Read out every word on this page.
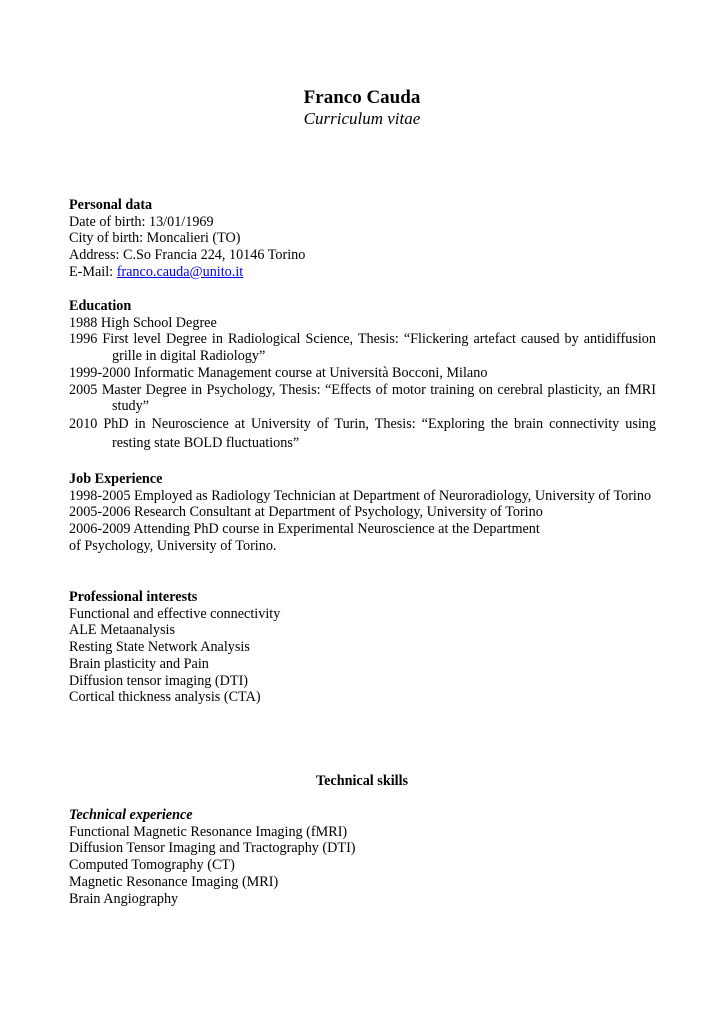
Franco Cauda
Curriculum vitae
Personal data
Date of birth: 13/01/1969
City of birth: Moncalieri (TO)
Address: C.So Francia 224, 10146 Torino
E-Mail: franco.cauda@unito.it
Education
1988 High School Degree
1996 First level Degree in Radiological Science, Thesis: “Flickering artefact caused by antidiffusion grille in digital Radiology”
1999-2000 Informatic Management course at Università Bocconi, Milano
2005 Master Degree in Psychology, Thesis: “Effects of motor training on cerebral plasticity, an fMRI study”
2010 PhD in Neuroscience at University of Turin, Thesis: “Exploring the brain connectivity using resting state BOLD fluctuations”
Job Experience
1998-2005 Employed as Radiology Technician at Department of Neuroradiology, University of Torino
2005-2006 Research Consultant at Department of Psychology, University of Torino
2006-2009 Attending PhD course in Experimental Neuroscience at the Department
of Psychology, University of Torino.
Professional interests
Functional and effective connectivity
ALE Metaanalysis
Resting State Network Analysis
Brain plasticity and Pain
Diffusion tensor imaging (DTI)
Cortical thickness analysis (CTA)
Technical skills
Technical experience
Functional Magnetic Resonance Imaging (fMRI)
Diffusion Tensor Imaging and Tractography (DTI)
Computed Tomography (CT)
Magnetic Resonance Imaging (MRI)
Brain Angiography
